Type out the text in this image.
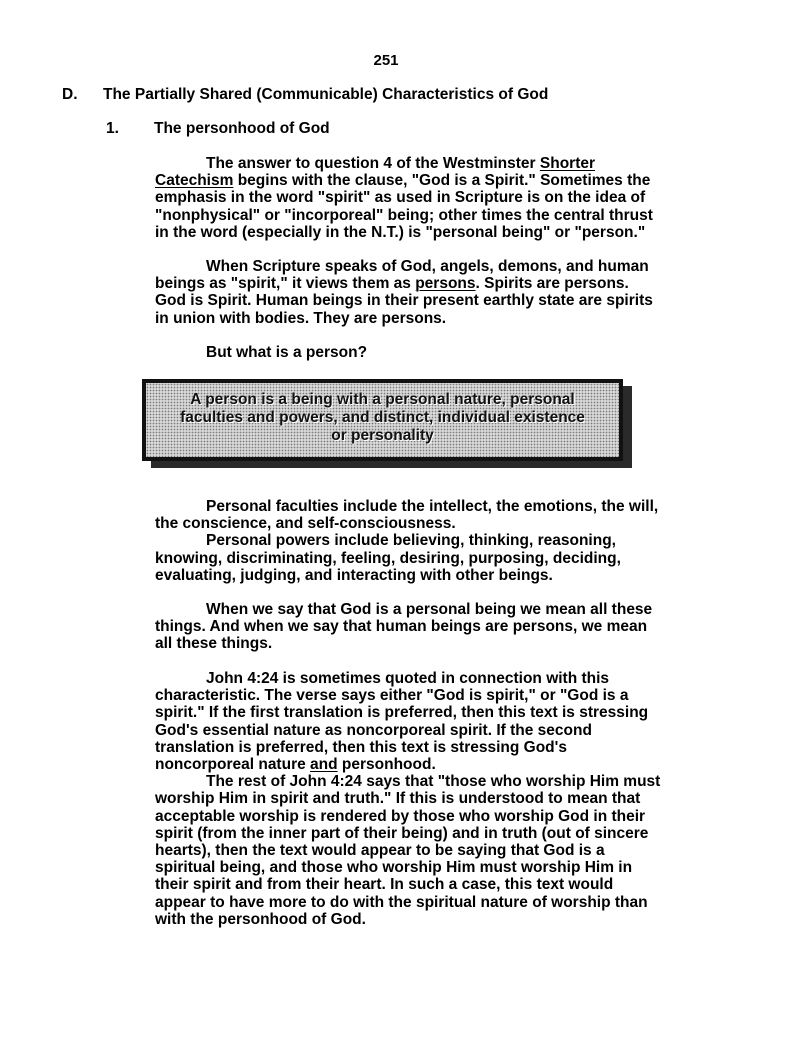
251
D. The Partially Shared (Communicable) Characteristics of God
1. The personhood of God
The answer to question 4 of the Westminster Shorter
Catechism begins with the clause, "God is a Spirit." Sometimes the
emphasis in the word "spirit" as used in Scripture is on the idea of
"nonphysical" or "incorporeal" being; other times the central thrust
in the word (especially in the N.T.) is "personal being" or "person."
When Scripture speaks of God, angels, demons, and human
beings as "spirit," it views them as persons. Spirits are persons.
God is Spirit. Human beings in their present earthly state are spirits
in union with bodies. They are persons.
But what is a person?
A person is a being with a personal nature, personal
faculties and powers, and distinct, individual existence
or personality
Personal faculties include the intellect, the emotions, the will,
the conscience, and self-consciousness.
Personal powers include believing, thinking, reasoning,
knowing, discriminating, feeling, desiring, purposing, deciding,
evaluating, judging, and interacting with other beings.
When we say that God is a personal being we mean all these
things. And when we say that human beings are persons, we mean
all these things.
John 4:24 is sometimes quoted in connection with this
characteristic. The verse says either "God is spirit," or "God is a
spirit." If the first translation is preferred, then this text is stressing
God's essential nature as noncorporeal spirit. If the second
translation is preferred, then this text is stressing God's
noncorporeal nature and personhood.
The rest of John 4:24 says that "those who worship Him must
worship Him in spirit and truth." If this is understood to mean that
acceptable worship is rendered by those who worship God in their
spirit (from the inner part of their being) and in truth (out of sincere
hearts), then the text would appear to be saying that God is a
spiritual being, and those who worship Him must worship Him in
their spirit and from their heart. In such a case, this text would
appear to have more to do with the spiritual nature of worship than
with the personhood of God.
